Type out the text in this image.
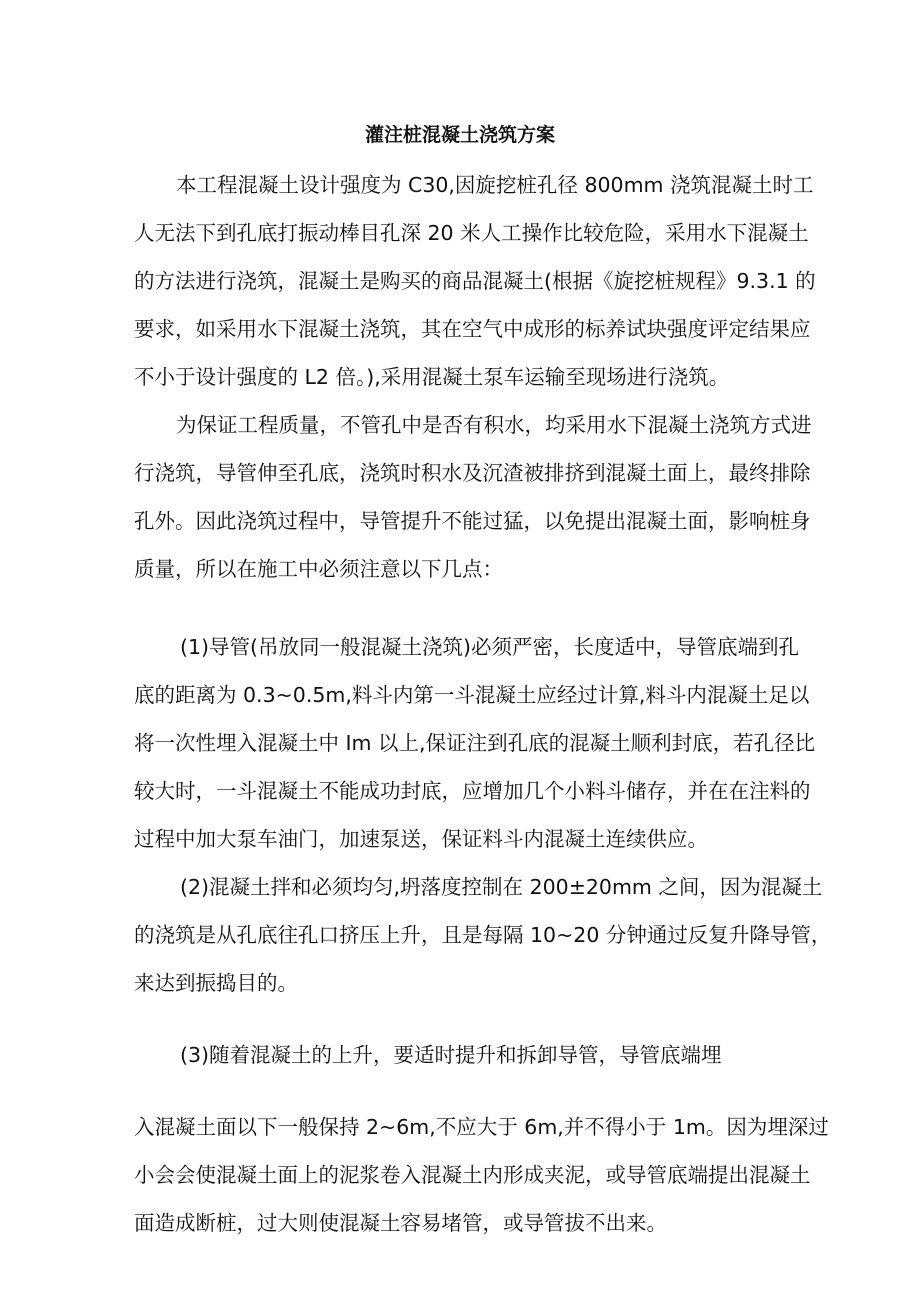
灌注桩混凝土浇筑方案
本工程混凝土设计强度为 C30,因旋挖桩孔径 800mm 浇筑混凝土时工
人无法下到孔底打振动棒目孔深 20 米人工操作比较危险，采用水下混凝土
的方法进行浇筑，混凝土是购买的商品混凝土(根据《旋挖桩规程》9.3.1 的
要求，如采用水下混凝土浇筑，其在空气中成形的标养试块强度评定结果应
不小于设计强度的 L2 倍。),采用混凝土泵车运输至现场进行浇筑。
为保证工程质量，不管孔中是否有积水，均采用水下混凝土浇筑方式进
行浇筑，导管伸至孔底，浇筑时积水及沉渣被排挤到混凝土面上，最终排除
孔外。因此浇筑过程中，导管提升不能过猛，以免提出混凝土面，影响桩身
质量，所以在施工中必须注意以下几点：
(1)导管(吊放同一般混凝土浇筑)必须严密，长度适中，导管底端到孔
底的距离为 0.3~0.5m,料斗内第一斗混凝土应经过计算,料斗内混凝土足以
将一次性埋入混凝土中 Im 以上,保证注到孔底的混凝土顺利封底，若孔径比
较大时，一斗混凝土不能成功封底，应增加几个小料斗储存，并在在注料的
过程中加大泵车油门，加速泵送，保证料斗内混凝土连续供应。
(2)混凝土拌和必须均匀,坍落度控制在 200±20mm 之间，因为混凝土
的浇筑是从孔底往孔口挤压上升，且是每隔 10~20 分钟通过反复升降导管，
来达到振捣目的。
(3)随着混凝土的上升，要适时提升和拆卸导管，导管底端埋
入混凝土面以下一般保持 2~6m,不应大于 6m,并不得小于 1m。因为埋深过
小会会使混凝土面上的泥浆卷入混凝土内形成夹泥，或导管底端提出混凝土
面造成断桩，过大则使混凝土容易堵管，或导管拔不出来。
